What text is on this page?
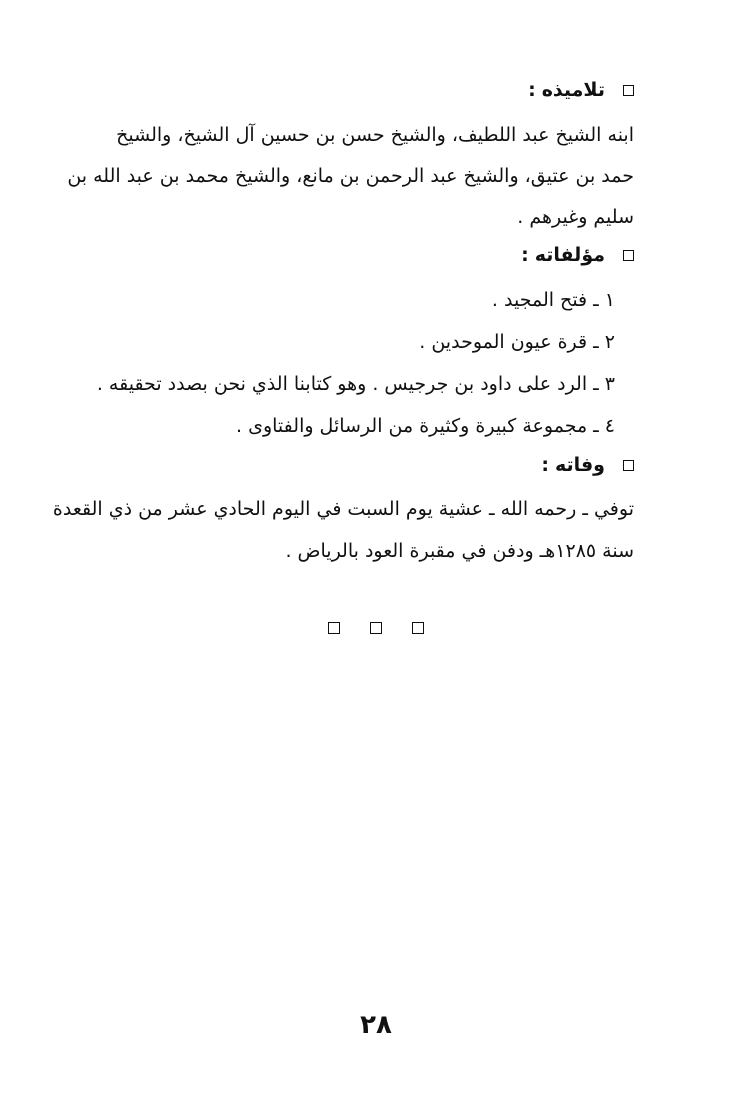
تلاميذه
:
ابنه الشيخ عبد اللطيف، والشيخ حسن بن حسين آل الشيخ، والشيخ
حمد بن عتيق، والشيخ عبد الرحمن بن مانع، والشيخ محمد بن عبد الله بن
سليم وغيرهم .
مؤلفاته
:
١ ـ فتح المجيد .
٢ ـ قرة عيون الموحدين .
٣ ـ الرد على داود بن جرجيس . وهو كتابنا الذي نحن بصدد تحقيقه .
٤ ـ مجموعة كبيرة وكثيرة من الرسائل والفتاوى .
وفاته
:
توفي ـ رحمه الله ـ عشية يوم السبت في اليوم الحادي عشر من ذي القعدة
سنة ١٢٨٥هـ ودفن في مقبرة العود بالرياض .
٢٨
